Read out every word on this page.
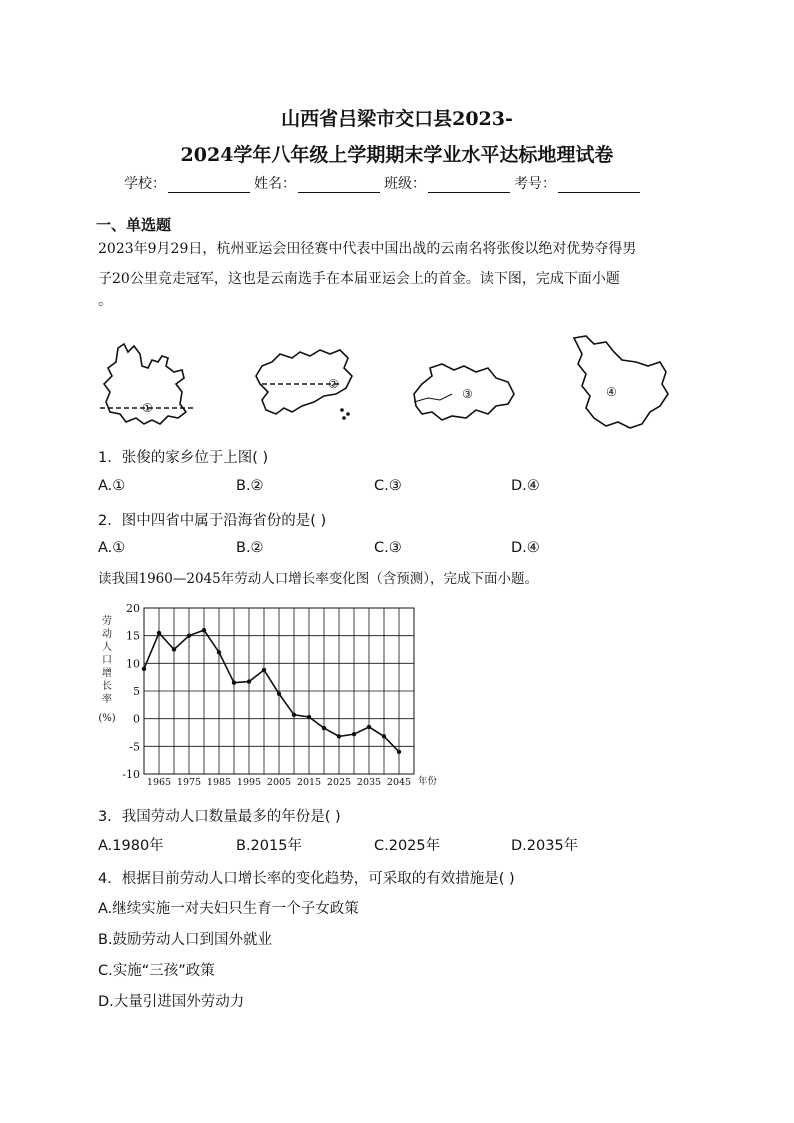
山西省吕梁市交口县2023-
2024学年八年级上学期期末学业水平达标地理试卷
学校：	姓名：	班级：	考号：
一、单选题
2023年9月29日，杭州亚运会田径赛中代表中国出战的云南名将张俊以绝对优势夺得男
子20公里竞走冠军，这也是云南选手在本届亚运会上的首金。读下图，完成下面小题
。
①
②
③	④
1．张俊的家乡位于上图( )
A.①	B.②	C.③	D.④
2．图中四省中属于沿海省份的是( )
A.①	B.②	C.③	D.④
读我国1960—2045年劳动人口增长率变化图（含预测），完成下面小题。
20
15
10
5
0
-5
-10
1965 1975 1985 1995 2005 2015 2025 2035 2045
劳
动
人
口
增
长
率
(%)
年份
3．我国劳动人口数量最多的年份是( )
A.1980年	B.2015年	C.2025年	D.2035年
4．根据目前劳动人口增长率的变化趋势，可采取的有效措施是( )
A.继续实施一对夫妇只生育一个子女政策
B.鼓励劳动人口到国外就业
C.实施“三孩”政策
D.大量引进国外劳动力
